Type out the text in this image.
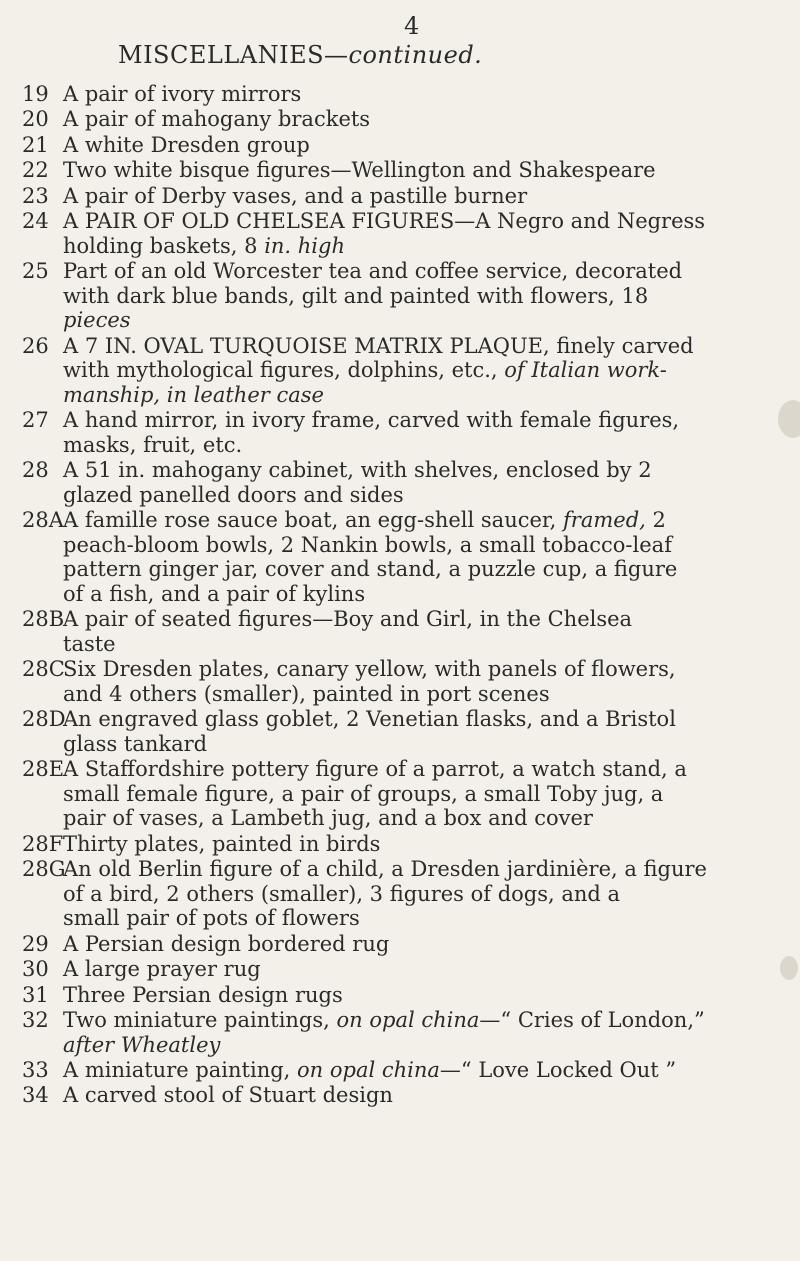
4
MISCELLANIES—continued.
19 A pair of ivory mirrors
20 A pair of mahogany brackets
21 A white Dresden group
22 Two white bisque figures—Wellington and Shakespeare
23 A pair of Derby vases, and a pastille burner
24 A PAIR OF OLD CHELSEA FIGURES—A Negro and Negress
holding baskets, 8 in. high
25 Part of an old Worcester tea and coffee service, decorated
with dark blue bands, gilt and painted with flowers, 18
pieces
26 A 7 IN. OVAL TURQUOISE MATRIX PLAQUE, finely carved
with mythological figures, dolphins, etc., of Italian work-
manship, in leather case
27 A hand mirror, in ivory frame, carved with female figures,
masks, fruit, etc.
28 A 51 in. mahogany cabinet, with shelves, enclosed by 2
glazed panelled doors and sides
28A A famille rose sauce boat, an egg-shell saucer, framed, 2
peach-bloom bowls, 2 Nankin bowls, a small tobacco-leaf
pattern ginger jar, cover and stand, a puzzle cup, a figure
of a fish, and a pair of kylins
28B
A pair of seated figures—Boy and Girl, in the Chelsea
taste
28C
Six Dresden plates, canary yellow, with panels of flowers,
and 4 others (smaller), painted in port scenes
28D
An engraved glass goblet, 2 Venetian flasks, and a Bristol
glass tankard
28E
A Staffordshire pottery figure of a parrot, a watch stand, a
small female figure, a pair of groups, a small Toby jug, a
pair of vases, a Lambeth jug, and a box and cover
28F Thirty plates, painted in birds
28G
An old Berlin figure of a child, a Dresden jardinière, a figure
of a bird, 2 others (smaller), 3 figures of dogs, and a
small pair of pots of flowers
29 A Persian design bordered rug
30 A large prayer rug
31 Three Persian design rugs
32 Two miniature paintings, on opal china—“ Cries of London,”
after Wheatley
33 A miniature painting, on opal china—“ Love Locked Out ”
34 A carved stool of Stuart design
